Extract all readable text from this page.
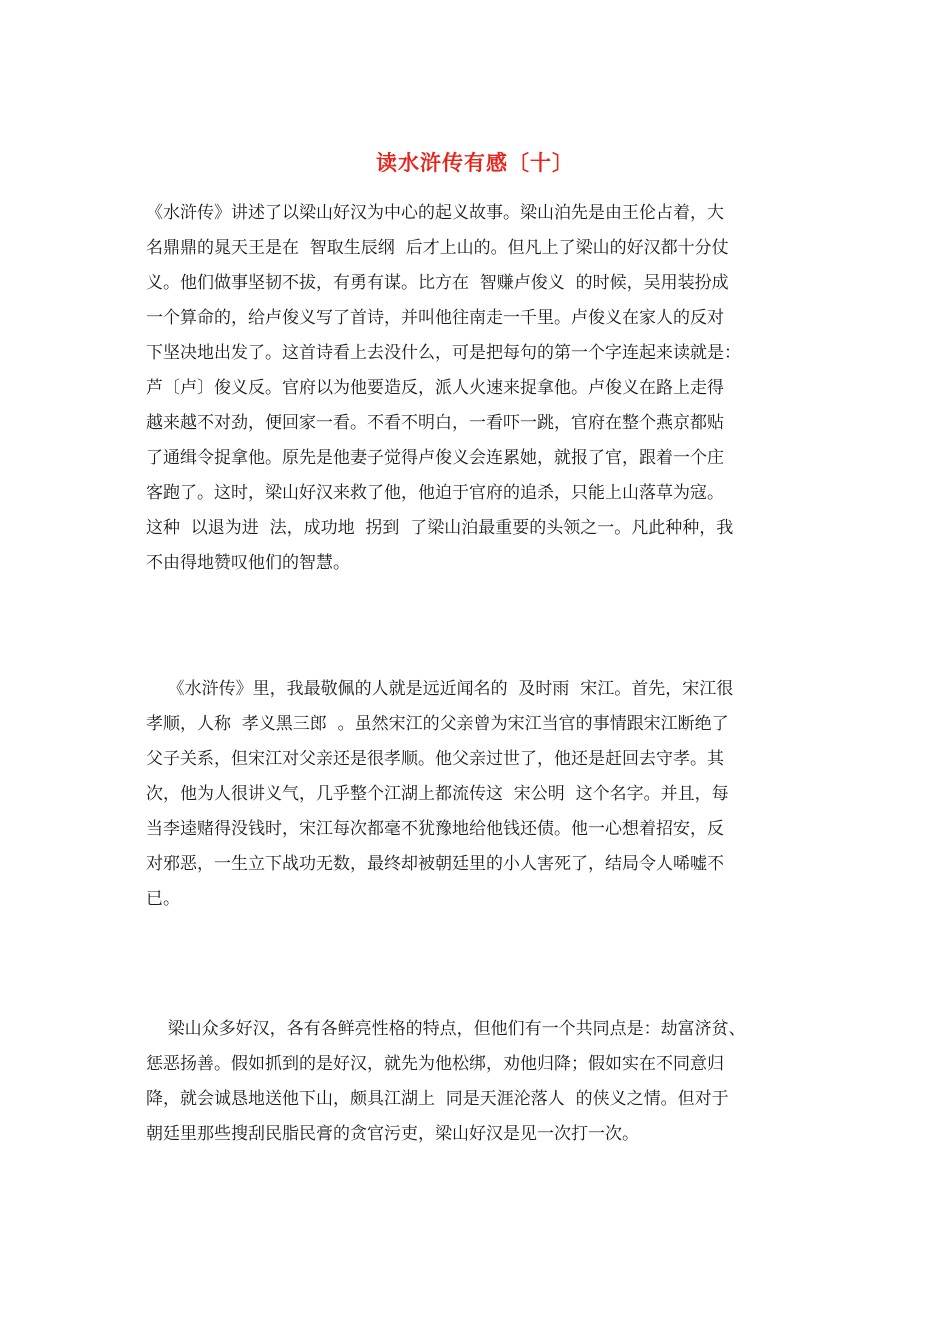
读水浒传有感〔十〕
《水浒传》讲述了以梁山好汉为中心的起义故事。梁山泊先是由王伦占着，大
名鼎鼎的晁天王是在  智取生辰纲  后才上山的。但凡上了梁山的好汉都十分仗
义。他们做事坚韧不拔，有勇有谋。比方在  智赚卢俊义  的时候，吴用装扮成
一个算命的，给卢俊义写了首诗，并叫他往南走一千里。卢俊义在家人的反对
下坚决地出发了。这首诗看上去没什么，可是把每句的第一个字连起来读就是：
芦〔卢〕俊义反。官府以为他要造反，派人火速来捉拿他。卢俊义在路上走得
越来越不对劲，便回家一看。不看不明白，一看吓一跳，官府在整个燕京都贴
了通缉令捉拿他。原先是他妻子觉得卢俊义会连累她，就报了官，跟着一个庄
客跑了。这时，梁山好汉来救了他，他迫于官府的追杀，只能上山落草为寇。
这种  以退为进  法，成功地  拐到  了梁山泊最重要的头领之一。凡此种种，我
不由得地赞叹他们的智慧。
《水浒传》里，我最敬佩的人就是远近闻名的  及时雨  宋江。首先，宋江很
孝顺，人称  孝义黑三郎  。虽然宋江的父亲曾为宋江当官的事情跟宋江断绝了
父子关系，但宋江对父亲还是很孝顺。他父亲过世了，他还是赶回去守孝。其
次，他为人很讲义气，几乎整个江湖上都流传这  宋公明  这个名字。并且，每
当李逵赌得没钱时，宋江每次都毫不犹豫地给他钱还债。他一心想着招安，反
对邪恶，一生立下战功无数，最终却被朝廷里的小人害死了，结局令人唏嘘不
已。
梁山众多好汉，各有各鲜亮性格的特点，但他们有一个共同点是：劫富济贫、
惩恶扬善。假如抓到的是好汉，就先为他松绑，劝他归降；假如实在不同意归
降，就会诚恳地送他下山，颇具江湖上  同是天涯沦落人  的侠义之情。但对于
朝廷里那些搜刮民脂民膏的贪官污吏，梁山好汉是见一次打一次。
